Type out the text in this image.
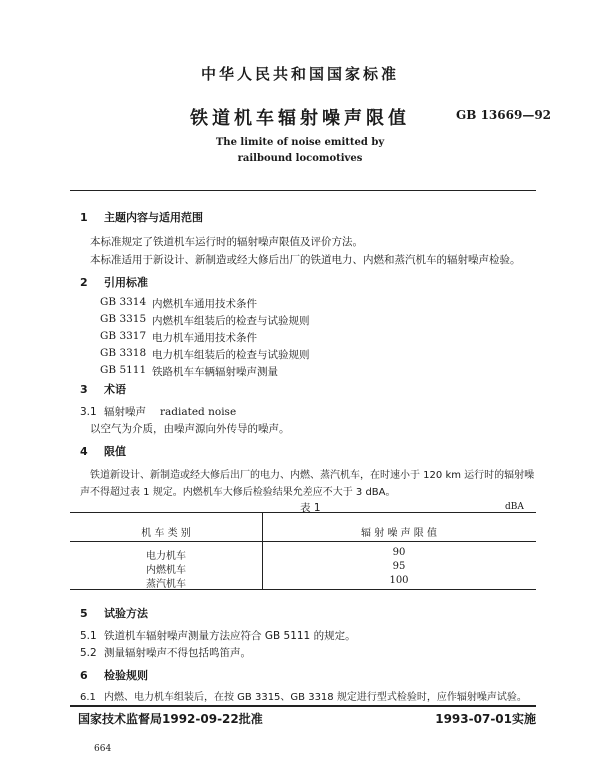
中华人民共和国国家标准
铁道机车辐射噪声限值	GB 13669—92
The limite of noise emitted by
railbound locomotives
1 主题内容与适用范围
本标准规定了铁道机车运行时的辐射噪声限值及评价方法。
本标准适用于新设计、新制造或经大修后出厂的铁道电力、内燃和蒸汽机车的辐射噪声检验。
2 引用标准
GB 3314 内燃机车通用技术条件
GB 3315 内燃机车组装后的检查与试验规则
GB 3317 电力机车通用技术条件
GB 3318 电力机车组装后的检查与试验规则
GB 5111 铁路机车车辆辐射噪声测量
3 术语
3.1 辐射噪声 radiated noise
以空气为介质，由噪声源向外传导的噪声。
4 限值
铁道新设计、新制造或经大修后出厂的电力、内燃、蒸汽机车，在时速小于 120 km 运行时的辐射噪
声不得超过表 1 规定。内燃机车大修后检验结果允差应不大于 3 dBA。
表 1	dBA
机 车 类 别	辐 射 噪 声 限 值
电力机车	90
内燃机车	95
蒸汽机车	100
5 试验方法
5.1 铁道机车辐射噪声测量方法应符合 GB 5111 的规定。
5.2 测量辐射噪声不得包括鸣笛声。
6 检验规则
6.1 内燃、电力机车组装后，在按 GB 3315、GB 3318 规定进行型式检验时，应作辐射噪声试验。
国家技术监督局1992-09-22批准	1993-07-01实施
664
